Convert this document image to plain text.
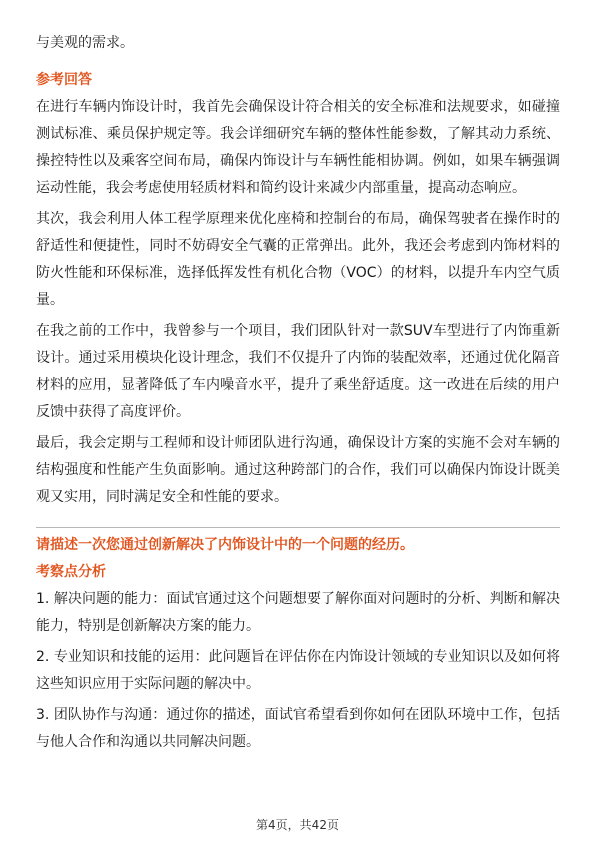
与美观的需求。

参考回答

在进行车辆内饰设计时，我首先会确保设计符合相关的安全标准和法规要求，如碰撞测试标准、乘员保护规定等。我会详细研究车辆的整体性能参数，了解其动力系统、操控特性以及乘客空间布局，确保内饰设计与车辆性能相协调。例如，如果车辆强调运动性能，我会考虑使用轻质材料和简约设计来减少内部重量，提高动态响应。

其次，我会利用人体工程学原理来优化座椅和控制台的布局，确保驾驶者在操作时的舒适性和便捷性，同时不妨碍安全气囊的正常弹出。此外，我还会考虑到内饰材料的防火性能和环保标准，选择低挥发性有机化合物（VOC）的材料，以提升车内空气质量。

在我之前的工作中，我曾参与一个项目，我们团队针对一款SUV车型进行了内饰重新设计。通过采用模块化设计理念，我们不仅提升了内饰的装配效率，还通过优化隔音材料的应用，显著降低了车内噪音水平，提升了乘坐舒适度。这一改进在后续的用户反馈中获得了高度评价。

最后，我会定期与工程师和设计师团队进行沟通，确保设计方案的实施不会对车辆的结构强度和性能产生负面影响。通过这种跨部门的合作，我们可以确保内饰设计既美观又实用，同时满足安全和性能的要求。

请描述一次您通过创新解决了内饰设计中的一个问题的经历。
考察点分析

1. 解决问题的能力：面试官通过这个问题想要了解你面对问题时的分析、判断和解决能力，特别是创新解决方案的能力。

2. 专业知识和技能的运用：此问题旨在评估你在内饰设计领域的专业知识以及如何将这些知识应用于实际问题的解决中。

3. 团队协作与沟通：通过你的描述，面试官希望看到你如何在团队环境中工作，包括与他人合作和沟通以共同解决问题。

第4页，共42页
